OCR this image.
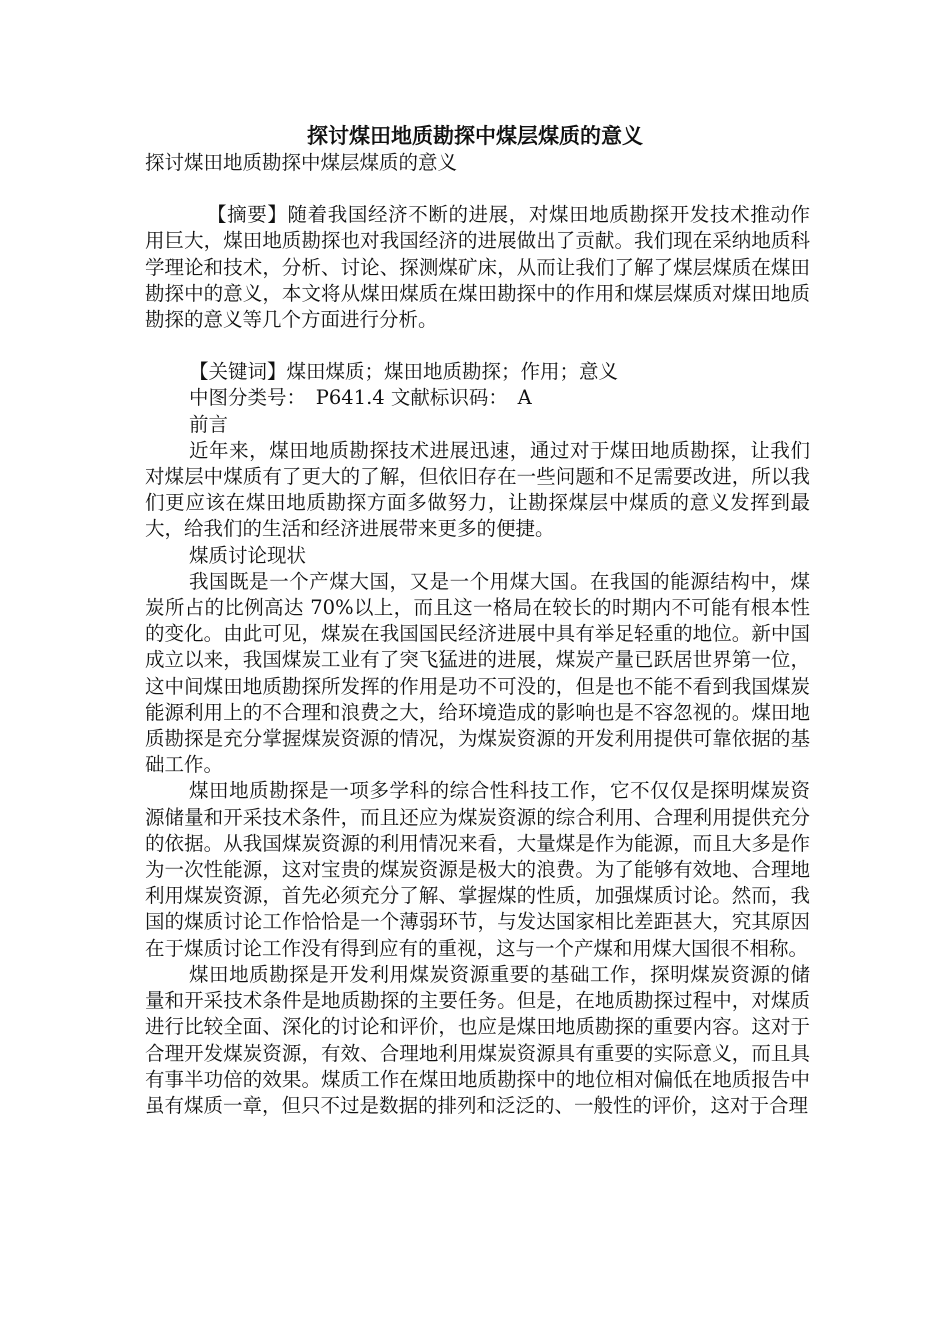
探讨煤田地质勘探中煤层煤质的意义

探讨煤田地质勘探中煤层煤质的意义

【摘要】随着我国经济不断的进展，对煤田地质勘探开发技术推动作用巨大，煤田地质勘探也对我国经济的进展做出了贡献。我们现在采纳地质科学理论和技术，分析、讨论、探测煤矿床，从而让我们了解了煤层煤质在煤田勘探中的意义，本文将从煤田煤质在煤田勘探中的作用和煤层煤质对煤田地质勘探的意义等几个方面进行分析。

【关键词】煤田煤质；煤田地质勘探；作用；意义

中图分类号：　P641.4 文献标识码：　A

前言

近年来，煤田地质勘探技术进展迅速，通过对于煤田地质勘探，让我们对煤层中煤质有了更大的了解，但依旧存在一些问题和不足需要改进，所以我们更应该在煤田地质勘探方面多做努力，让勘探煤层中煤质的意义发挥到最大，给我们的生活和经济进展带来更多的便捷。

煤质讨论现状

我国既是一个产煤大国，又是一个用煤大国。在我国的能源结构中，煤炭所占的比例高达 70%以上，而且这一格局在较长的时期内不可能有根本性的变化。由此可见，煤炭在我国国民经济进展中具有举足轻重的地位。新中国成立以来，我国煤炭工业有了突飞猛进的进展，煤炭产量已跃居世界第一位，这中间煤田地质勘探所发挥的作用是功不可没的，但是也不能不看到我国煤炭能源利用上的不合理和浪费之大，给环境造成的影响也是不容忽视的。煤田地质勘探是充分掌握煤炭资源的情况，为煤炭资源的开发利用提供可靠依据的基础工作。

煤田地质勘探是一项多学科的综合性科技工作，它不仅仅是探明煤炭资源储量和开采技术条件，而且还应为煤炭资源的综合利用、合理利用提供充分的依据。从我国煤炭资源的利用情况来看，大量煤是作为能源，而且大多是作为一次性能源，这对宝贵的煤炭资源是极大的浪费。为了能够有效地、合理地利用煤炭资源，首先必须充分了解、掌握煤的性质，加强煤质讨论。然而，我国的煤质讨论工作恰恰是一个薄弱环节，与发达国家相比差距甚大，究其原因在于煤质讨论工作没有得到应有的重视，这与一个产煤和用煤大国很不相称。

煤田地质勘探是开发利用煤炭资源重要的基础工作，探明煤炭资源的储量和开采技术条件是地质勘探的主要任务。但是，在地质勘探过程中，对煤质进行比较全面、深化的讨论和评价，也应是煤田地质勘探的重要内容。这对于合理开发煤炭资源，有效、合理地利用煤炭资源具有重要的实际意义，而且具有事半功倍的效果。煤质工作在煤田地质勘探中的地位相对偏低在地质报告中虽有煤质一章，但只不过是数据的排列和泛泛的、一般性的评价，这对于合理
